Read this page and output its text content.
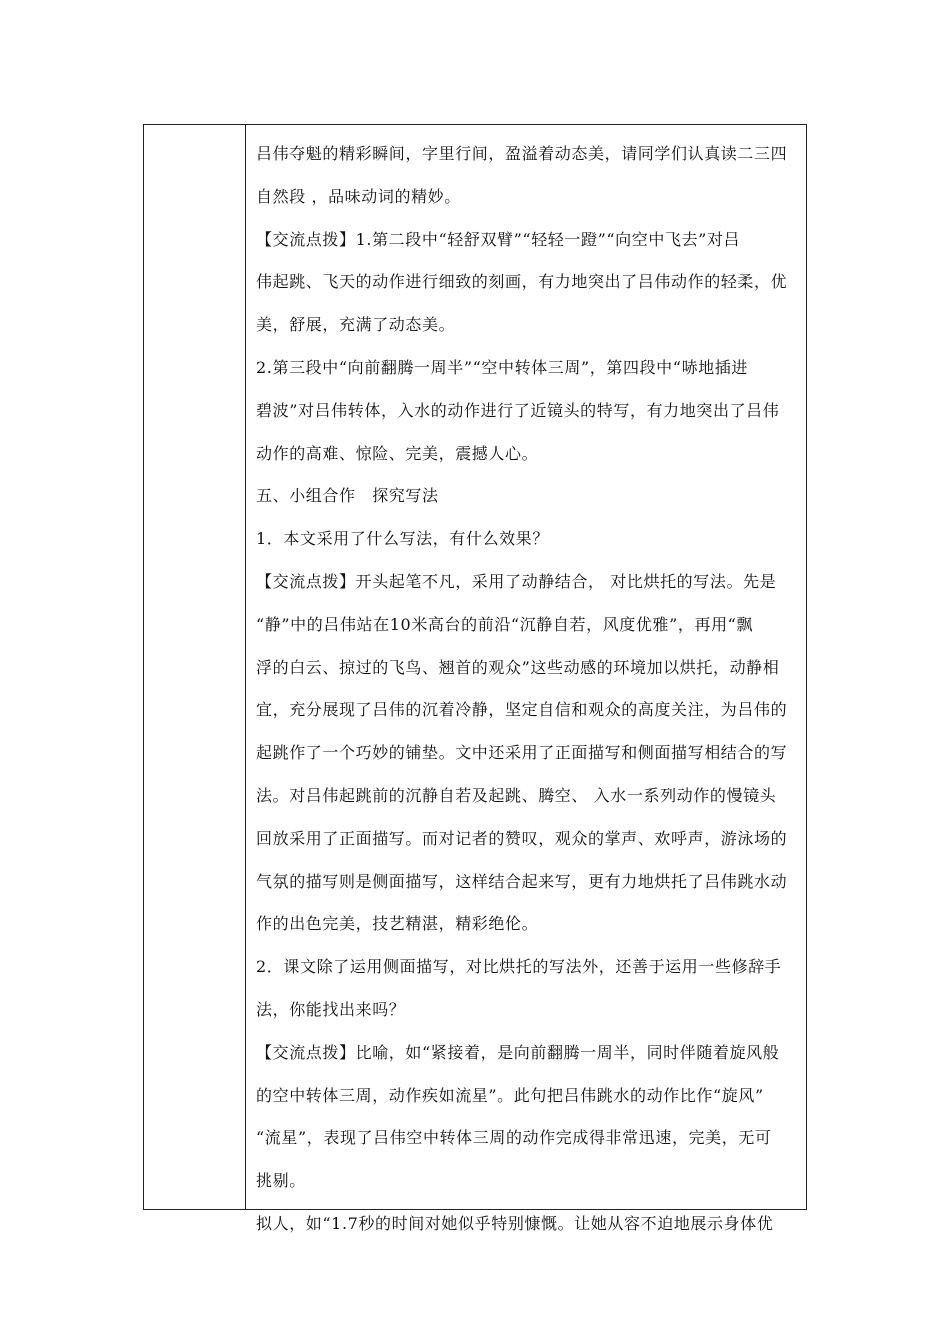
吕伟夺魁的精彩瞬间，字里行间，盈溢着动态美，请同学们认真读二三四
自然段 ，品味动词的精妙。
【交流点拨】1.第二段中“轻舒双臂”“轻轻一蹬”“向空中飞去”对吕
伟起跳、飞天的动作进行细致的刻画，有力地突出了吕伟动作的轻柔，优
美，舒展，充满了动态美。
2.第三段中“向前翻腾一周半”“空中转体三周”，第四段中“哧地插进
碧波”对吕伟转体，入水的动作进行了近镜头的特写，有力地突出了吕伟
动作的高难、惊险、完美，震撼人心。
五、小组合作　探究写法
1．本文采用了什么写法，有什么效果？
【交流点拨】开头起笔不凡，采用了动静结合， 对比烘托的写法。先是
“静”中的吕伟站在10米高台的前沿“沉静自若，风度优雅”，再用“飘
浮的白云、掠过的飞鸟、翘首的观众”这些动感的环境加以烘托，动静相
宜，充分展现了吕伟的沉着冷静，坚定自信和观众的高度关注，为吕伟的
起跳作了一个巧妙的铺垫。文中还采用了正面描写和侧面描写相结合的写
法。对吕伟起跳前的沉静自若及起跳、腾空、 入水一系列动作的慢镜头
回放采用了正面描写。而对记者的赞叹，观众的掌声、欢呼声，游泳场的
气氛的描写则是侧面描写，这样结合起来写，更有力地烘托了吕伟跳水动
作的出色完美，技艺精湛，精彩绝伦。
2．课文除了运用侧面描写，对比烘托的写法外，还善于运用一些修辞手
法，你能找出来吗？
【交流点拨】比喻，如“紧接着，是向前翻腾一周半，同时伴随着旋风般
的空中转体三周，动作疾如流星”。此句把吕伟跳水的动作比作“旋风”
“流星”，表现了吕伟空中转体三周的动作完成得非常迅速，完美，无可
挑剔。
拟人，如“1.7秒的时间对她似乎特别慷慨。让她从容不迫地展示身体优
